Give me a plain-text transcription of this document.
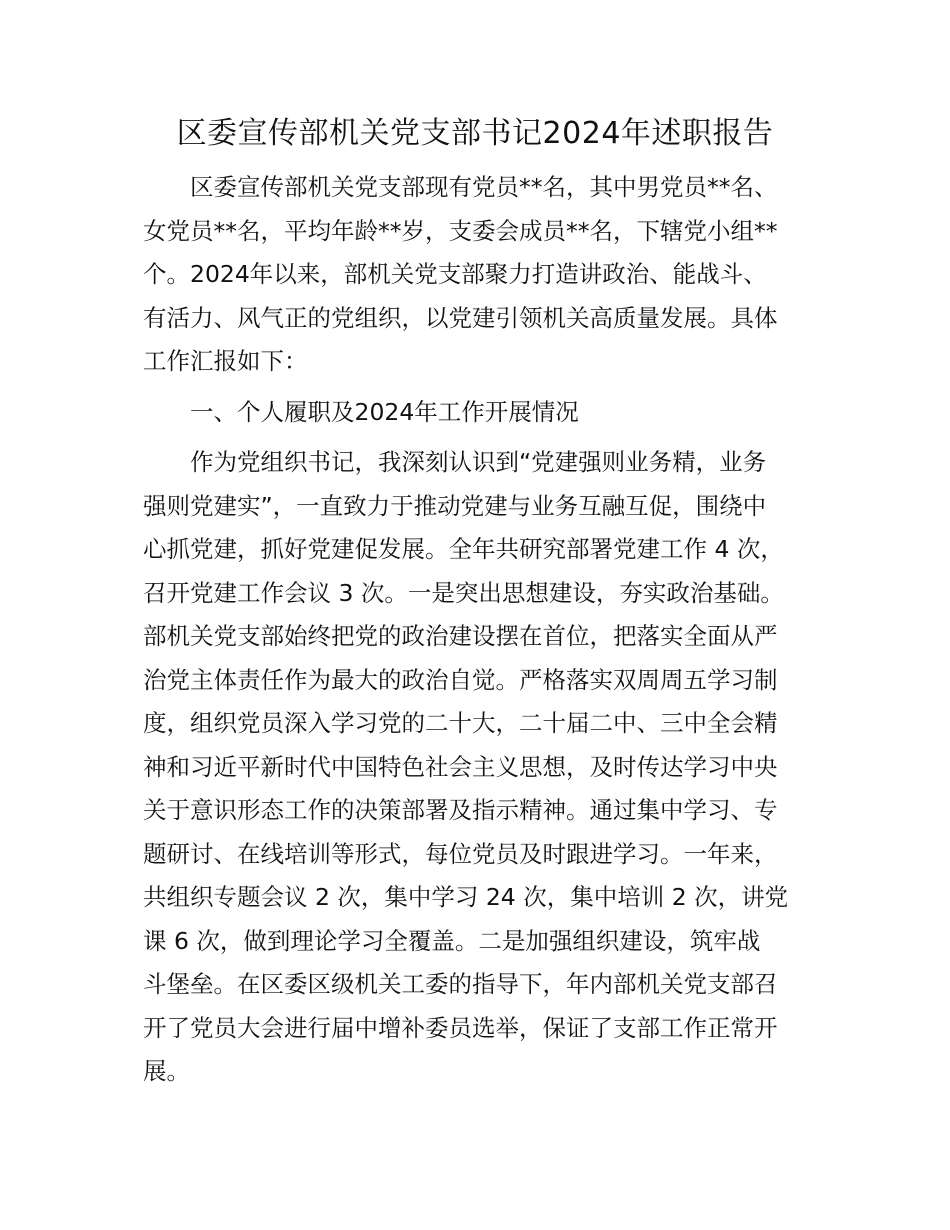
区委宣传部机关党支部书记2024年述职报告

区委宣传部机关党支部现有党员**名，其中男党员**名、

女党员**名，平均年龄**岁，支委会成员**名，下辖党小组**

个。2024年以来，部机关党支部聚力打造讲政治、能战斗、

有活力、风气正的党组织，以党建引领机关高质量发展。具体

工作汇报如下：

一、个人履职及2024年工作开展情况

作为党组织书记，我深刻认识到“党建强则业务精，业务

强则党建实”，一直致力于推动党建与业务互融互促，围绕中

心抓党建，抓好党建促发展。全年共研究部署党建工作 4 次，

召开党建工作会议 3 次。一是突出思想建设，夯实政治基础。

部机关党支部始终把党的政治建设摆在首位，把落实全面从严

治党主体责任作为最大的政治自觉。严格落实双周周五学习制

度，组织党员深入学习党的二十大，二十届二中、三中全会精

神和习近平新时代中国特色社会主义思想，及时传达学习中央

关于意识形态工作的决策部署及指示精神。通过集中学习、专

题研讨、在线培训等形式，每位党员及时跟进学习。一年来，

共组织专题会议 2 次，集中学习 24 次，集中培训 2 次，讲党

课 6 次，做到理论学习全覆盖。二是加强组织建设，筑牢战

斗堡垒。在区委区级机关工委的指导下，年内部机关党支部召

开了党员大会进行届中增补委员选举，保证了支部工作正常开

展。
